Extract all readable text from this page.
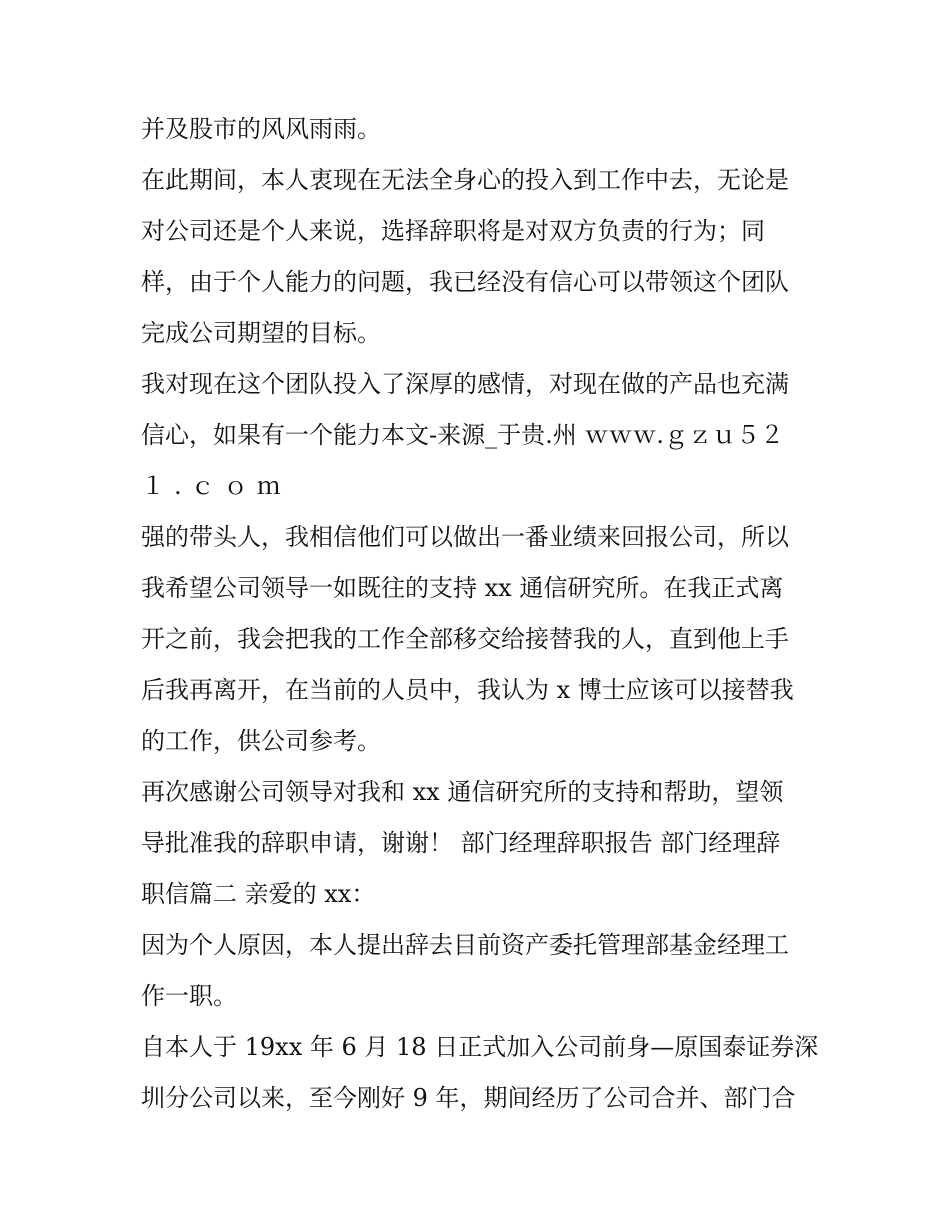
并及股市的风风雨雨。
在此期间，本人衷现在无法全身心的投入到工作中去，无论是
对公司还是个人来说，选择辞职将是对双方负责的行为；同
样，由于个人能力的问题，我已经没有信心可以带领这个团队
完成公司期望的目标。
我对现在这个团队投入了深厚的感情，对现在做的产品也充满
信心，如果有一个能力本文-来源_于贵.州 ｗｗｗ.ｇｚｕ５２
１.ｃｏｍ
强的带头人，我相信他们可以做出一番业绩来回报公司，所以
我希望公司领导一如既往的支持 xx 通信研究所。在我正式离
开之前，我会把我的工作全部移交给接替我的人，直到他上手
后我再离开，在当前的人员中，我认为 x 博士应该可以接替我
的工作，供公司参考。
再次感谢公司领导对我和 xx 通信研究所的支持和帮助，望领
导批准我的辞职申请，谢谢！ 部门经理辞职报告 部门经理辞
职信篇二 亲爱的 xx：
因为个人原因，本人提出辞去目前资产委托管理部基金经理工
作一职。
自本人于 19xx 年 6 月 18 日正式加入公司前身—原国泰证券深
圳分公司以来，至今刚好 9 年，期间经历了公司合并、部门合
